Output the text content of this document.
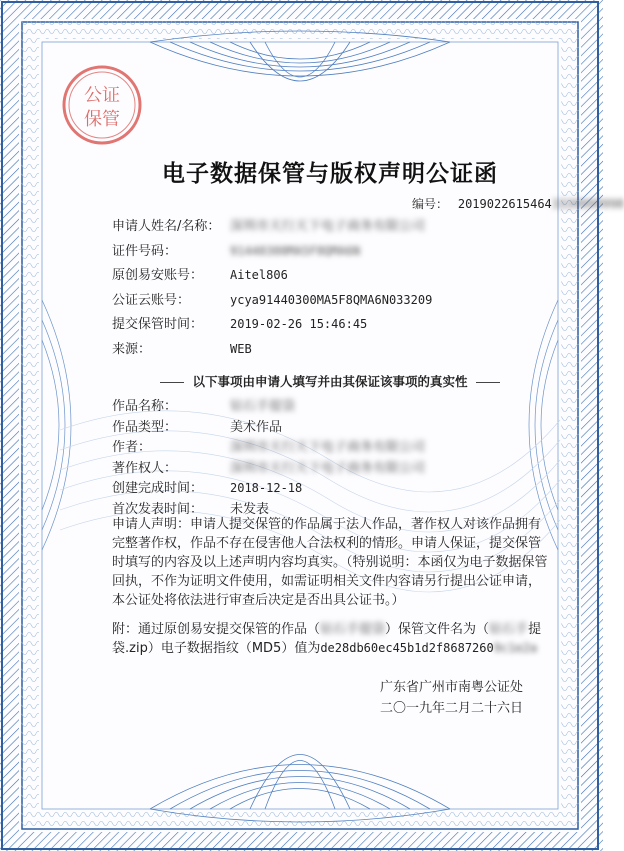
公证
保管
电子数据保管与版权声明公证函
编号： 20190226154643339999998
申请人姓名/名称： 深圳市天行天下电子商务有限公司
证件号码：	91440300MA5F8QMA6N
原创易安账号： Aitel806
公证云账号：	ycya91440300MA5F8QMA6N033209
提交保管时间： 2019-02-26 15:46:45
来源：	WEB
以下事项由申请人填写并由其保证该事项的真实性
作品名称：	钻石手提袋
作品类型：	美术作品
作者：	深圳市天行天下电子商务有限公司
著作权人：	深圳市天行天下电子商务有限公司
创建完成时间： 2018-12-18
首次发表时间： 未发表
申请人声明：申请人提交保管的作品属于法人作品，著作权人对该作品拥有完整著作权，作品不存在侵害他人合法权利的情形。申请人保证，提交保管时填写的内容及以上述声明内容均真实。（特别说明：本函仅为电子数据保管回执，不作为证明文件使用，如需证明相关文件内容请另行提出公证申请，本公证处将依法进行审查后决定是否出具公证书。）
附：通过原创易安提交保管的作品（钻石手提袋）保管文件名为（钻石手提袋.zip）电子数据指纹（MD5）值为de28db60ec45b1d2f86872609c1e2a
广东省广州市南粤公证处
二〇一九年二月二十六日
